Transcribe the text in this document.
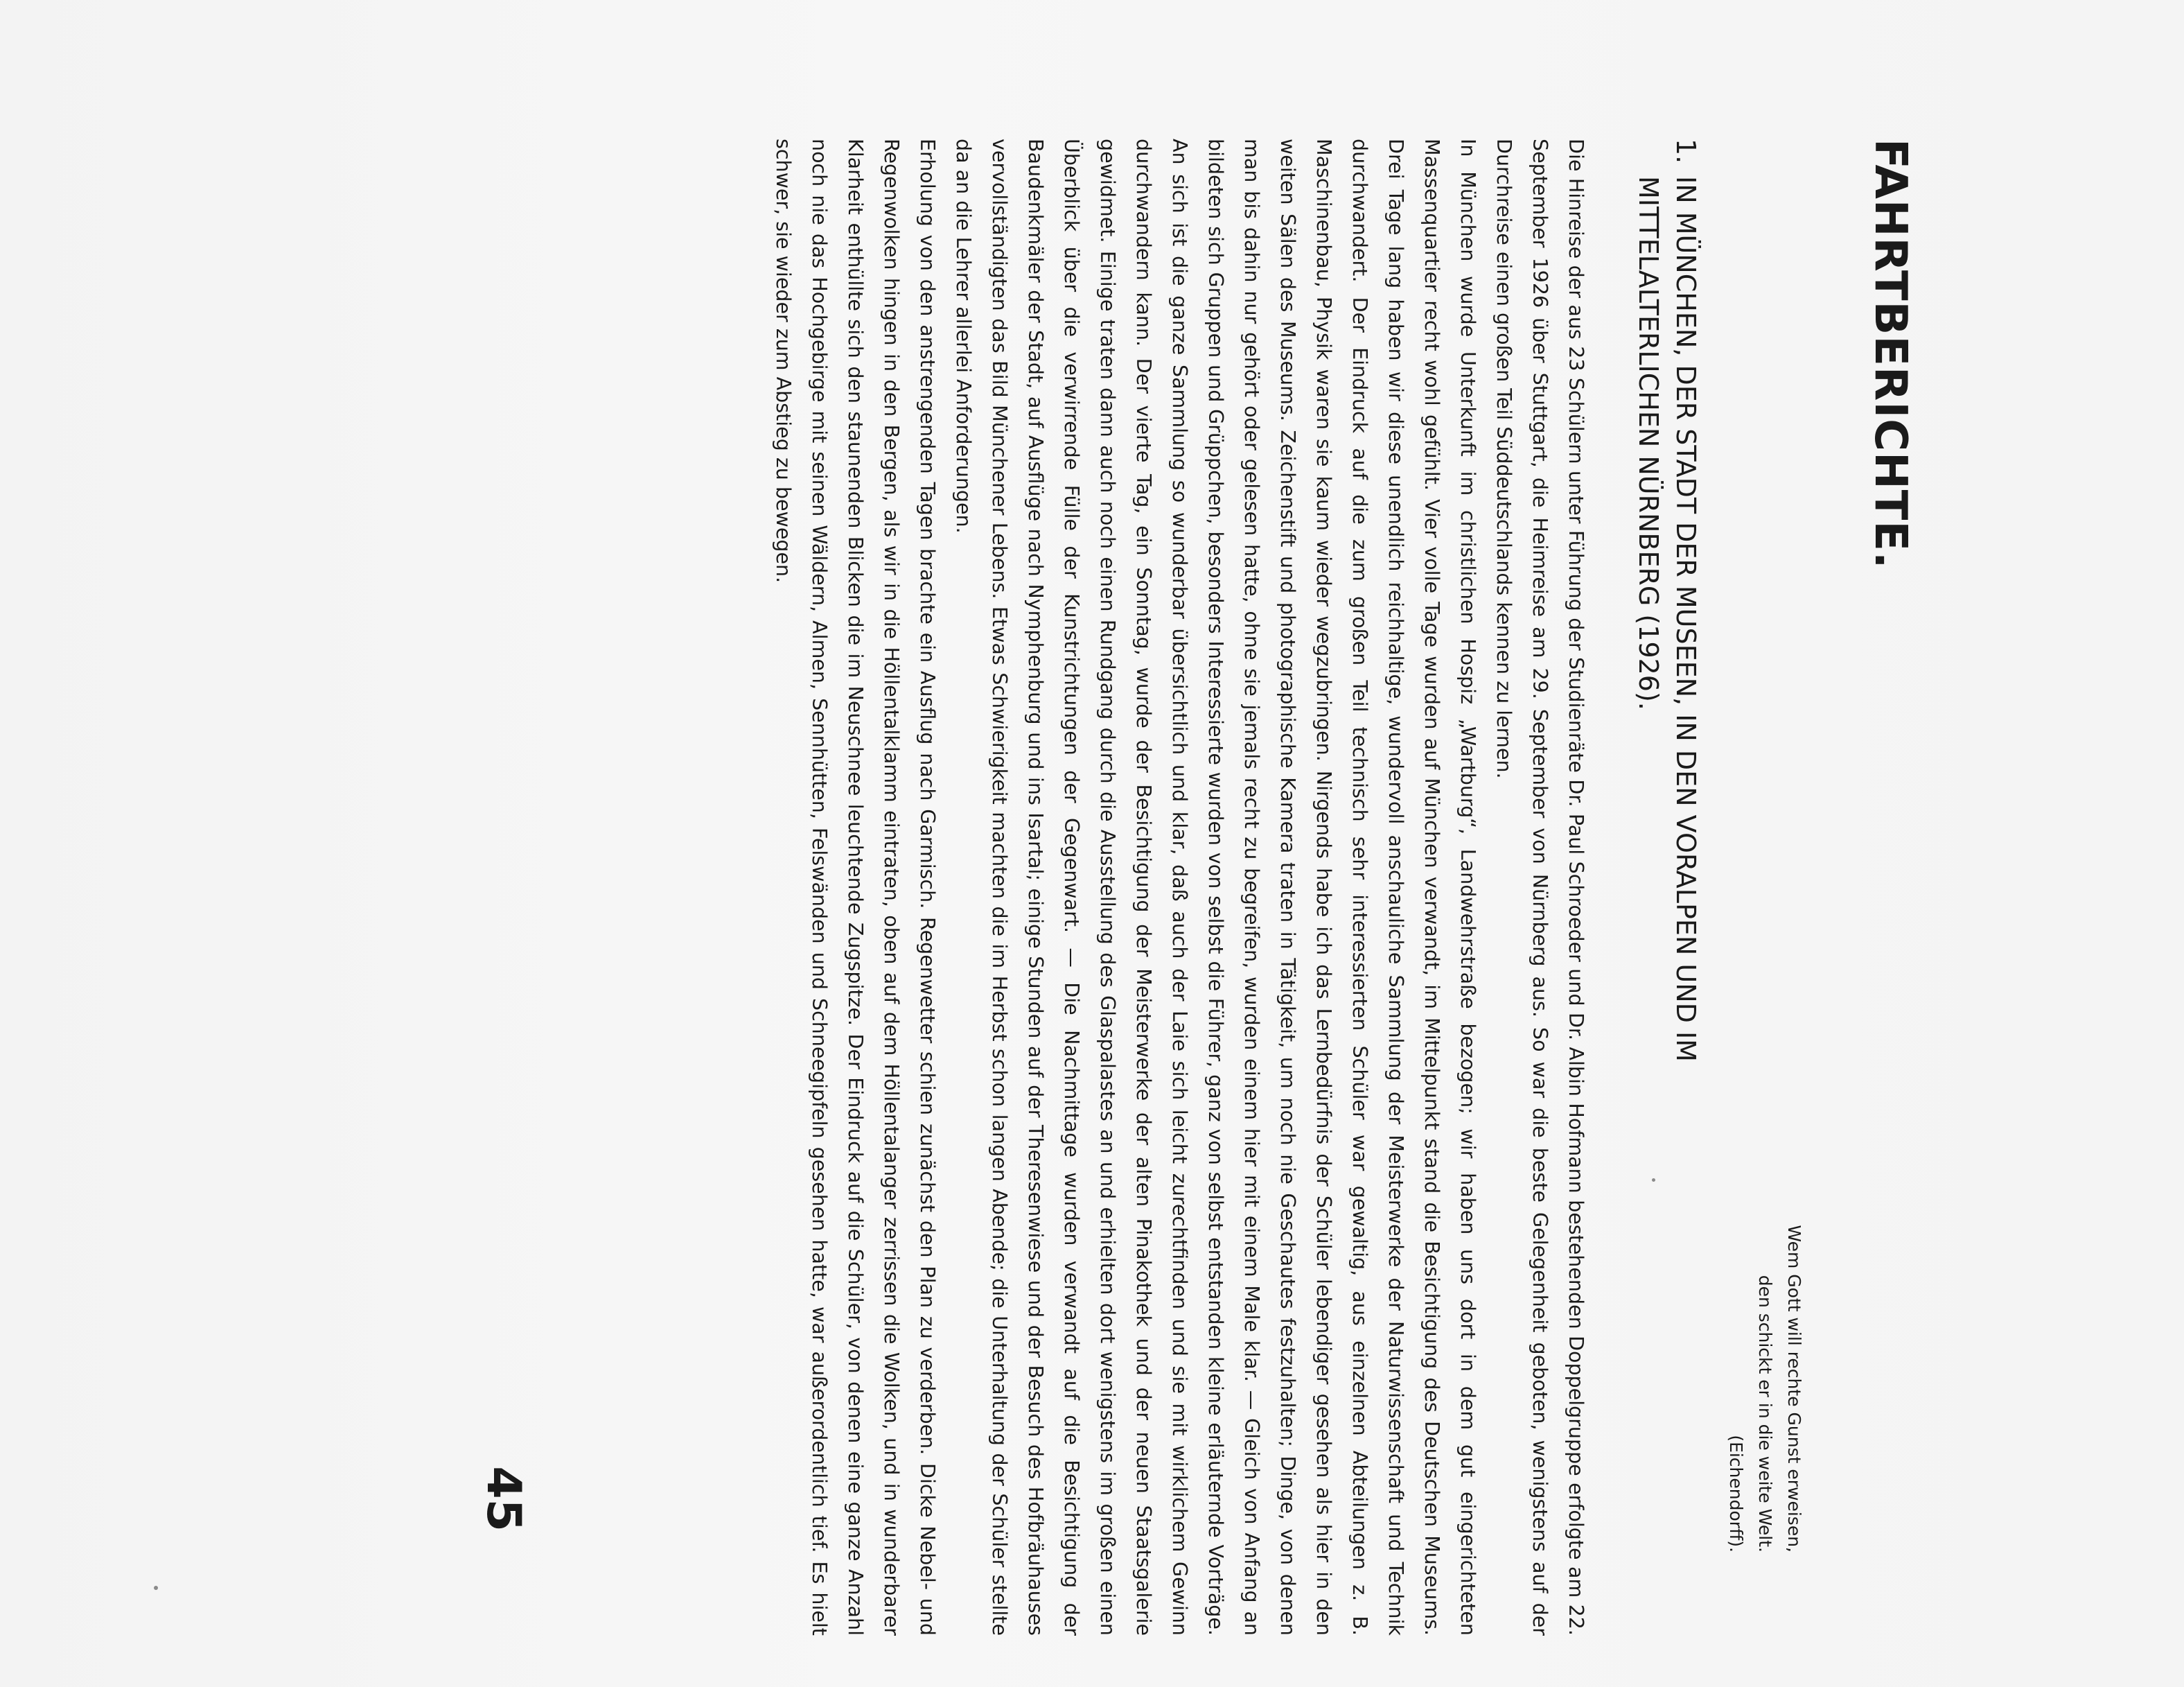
FAHRTBERICHTE.
Wem Gott will rechte Gunst erweisen,
den schickt er in die weite Welt.
(Eichendorff).
1.IN MÜNCHEN, DER STADT DER MUSEEN, IN DEN VORALPEN UND IM
MITTELALTERLICHEN NÜRNBERG (1926).

Die Hinreise der aus 23 Schülern unter Führung der Studienräte Dr. Paul Schroeder und Dr. Albin Hofmann bestehenden Doppelgruppe erfolgte am 22. September 1926 über Stuttgart, die Heimreise am 29. September von Nürnberg aus. So war die beste Gelegenheit geboten, wenigstens auf der Durchreise einen großen Teil Süddeutschlands kennen zu lernen.

In München wurde Unterkunft im christlichen Hospiz „Wartburg“, Landwehrstraße bezogen; wir haben uns dort in dem gut eingerichteten Massenquartier recht wohl gefühlt. Vier volle Tage wurden auf München verwandt, im Mittelpunkt stand die Besichtigung des Deutschen Museums. Drei Tage lang haben wir diese unendlich reichhaltige, wundervoll anschauliche Sammlung der Meisterwerke der Naturwissenschaft und Technik durchwandert. Der Eindruck auf die zum großen Teil technisch sehr interessierten Schüler war gewaltig, aus einzelnen Abteilungen z. B. Maschinenbau, Physik waren sie kaum wieder wegzubringen. Nirgends habe ich das Lernbedürfnis der Schüler lebendiger gesehen als hier in den weiten Sälen des Museums. Zeichenstift und photographische Kamera traten in Tätigkeit, um noch nie Geschautes festzuhalten; Dinge, von denen man bis dahin nur gehört oder gelesen hatte, ohne sie jemals recht zu begreifen, wurden einem hier mit einem Male klar. — Gleich von Anfang an bildeten sich Gruppen und Grüppchen, besonders Interessierte wurden von selbst die Führer, ganz von selbst entstanden kleine erläuternde Vorträge. An sich ist die ganze Sammlung so wunderbar übersichtlich und klar, daß auch der Laie sich leicht zurechtfinden und sie mit wirklichem Gewinn durchwandern kann. Der vierte Tag, ein Sonntag, wurde der Besichtigung der Meisterwerke der alten Pinakothek und der neuen Staatsgalerie gewidmet. Einige traten dann auch noch einen Rundgang durch die Ausstellung des Glaspalastes an und erhielten dort wenigstens im großen einen Überblick über die verwirrende Fülle der Kunstrichtungen der Gegenwart. — Die Nachmittage wurden verwandt auf die Besichtigung der Baudenkmäler der Stadt, auf Ausflüge nach Nymphenburg und ins Isartal; einige Stunden auf der Theresenwiese und der Besuch des Hofbräuhauses vervollständigten das Bild Münchener Lebens. Etwas Schwierigkeit machten die im Herbst schon langen Abende; die Unterhaltung der Schüler stellte da an die Lehrer allerlei Anforderungen.

Erholung von den anstrengenden Tagen brachte ein Ausflug nach Garmisch. Regenwetter schien zunächst den Plan zu verderben. Dicke Nebel- und Regenwolken hingen in den Bergen, als wir in die Höllentalklamm eintraten, oben auf dem Höllentalanger zerrissen die Wolken, und in wunderbarer Klarheit enthüllte sich den staunenden Blicken die im Neuschnee leuchtende Zugspitze. Der Eindruck auf die Schüler, von denen eine ganze Anzahl noch nie das Hochgebirge mit seinen Wäldern, Almen, Sennhütten, Felswänden und Schneegipfeln gesehen hatte, war außerordentlich tief. Es hielt schwer, sie wieder zum Abstieg zu bewegen.

45
